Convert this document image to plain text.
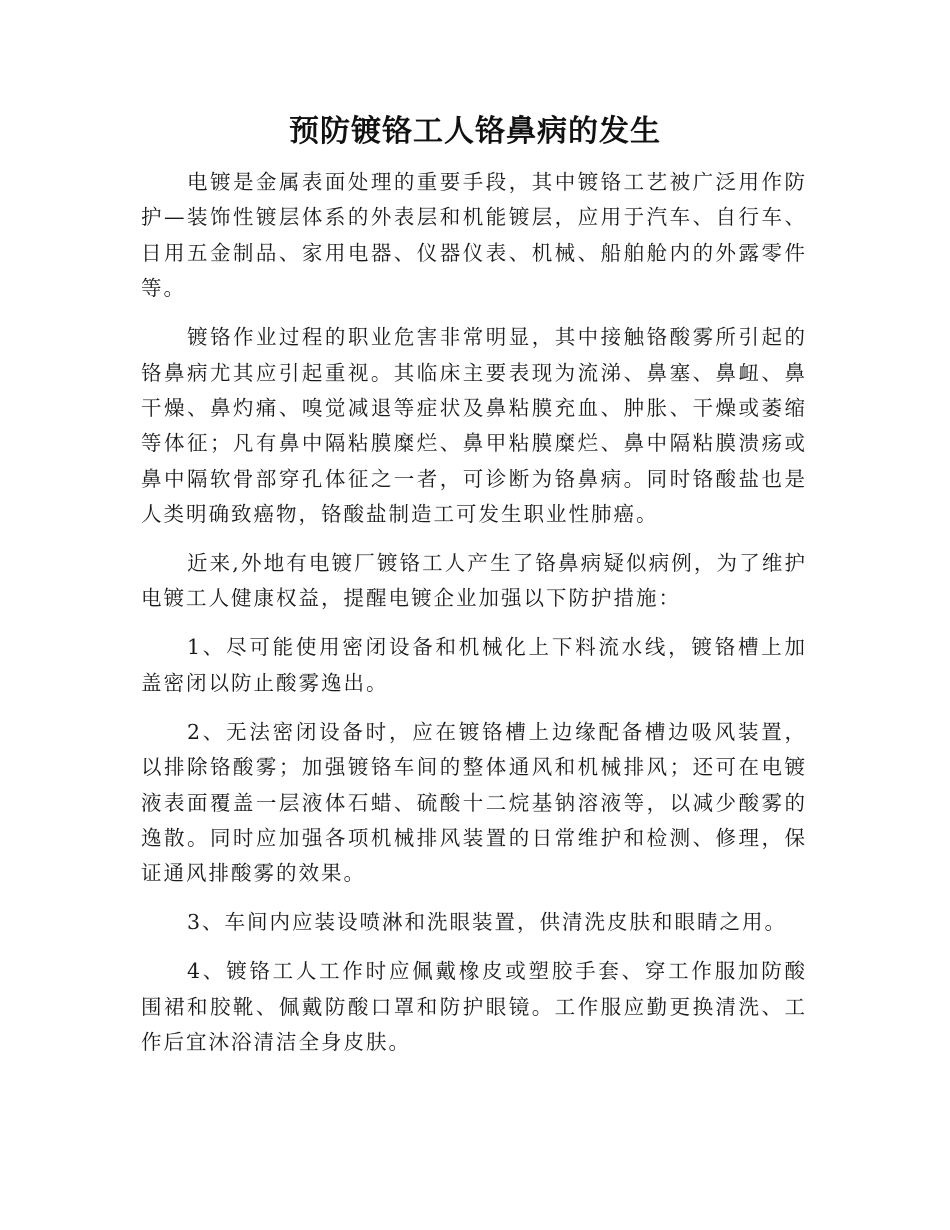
预防镀铬工人铬鼻病的发生

电镀是金属表面处理的重要手段，其中镀铬工艺被广泛用作防护—装饰性镀层体系的外表层和机能镀层，应用于汽车、自行车、日用五金制品、家用电器、仪器仪表、机械、船舶舱内的外露零件等。

镀铬作业过程的职业危害非常明显，其中接触铬酸雾所引起的铬鼻病尤其应引起重视。其临床主要表现为流涕、鼻塞、鼻衄、鼻干燥、鼻灼痛、嗅觉减退等症状及鼻粘膜充血、肿胀、干燥或萎缩等体征；凡有鼻中隔粘膜糜烂、鼻甲粘膜糜烂、鼻中隔粘膜溃疡或鼻中隔软骨部穿孔体征之一者，可诊断为铬鼻病。同时铬酸盐也是人类明确致癌物，铬酸盐制造工可发生职业性肺癌。

近来,外地有电镀厂镀铬工人产生了铬鼻病疑似病例，为了维护电镀工人健康权益，提醒电镀企业加强以下防护措施：

1、尽可能使用密闭设备和机械化上下料流水线，镀铬槽上加盖密闭以防止酸雾逸出。

2、无法密闭设备时，应在镀铬槽上边缘配备槽边吸风装置，以排除铬酸雾；加强镀铬车间的整体通风和机械排风；还可在电镀液表面覆盖一层液体石蜡、硫酸十二烷基钠溶液等，以减少酸雾的逸散。同时应加强各项机械排风装置的日常维护和检测、修理，保证通风排酸雾的效果。

3、车间内应装设喷淋和洗眼装置，供清洗皮肤和眼睛之用。

4、镀铬工人工作时应佩戴橡皮或塑胶手套、穿工作服加防酸围裙和胶靴、佩戴防酸口罩和防护眼镜。工作服应勤更换清洗、工作后宜沐浴清洁全身皮肤。
